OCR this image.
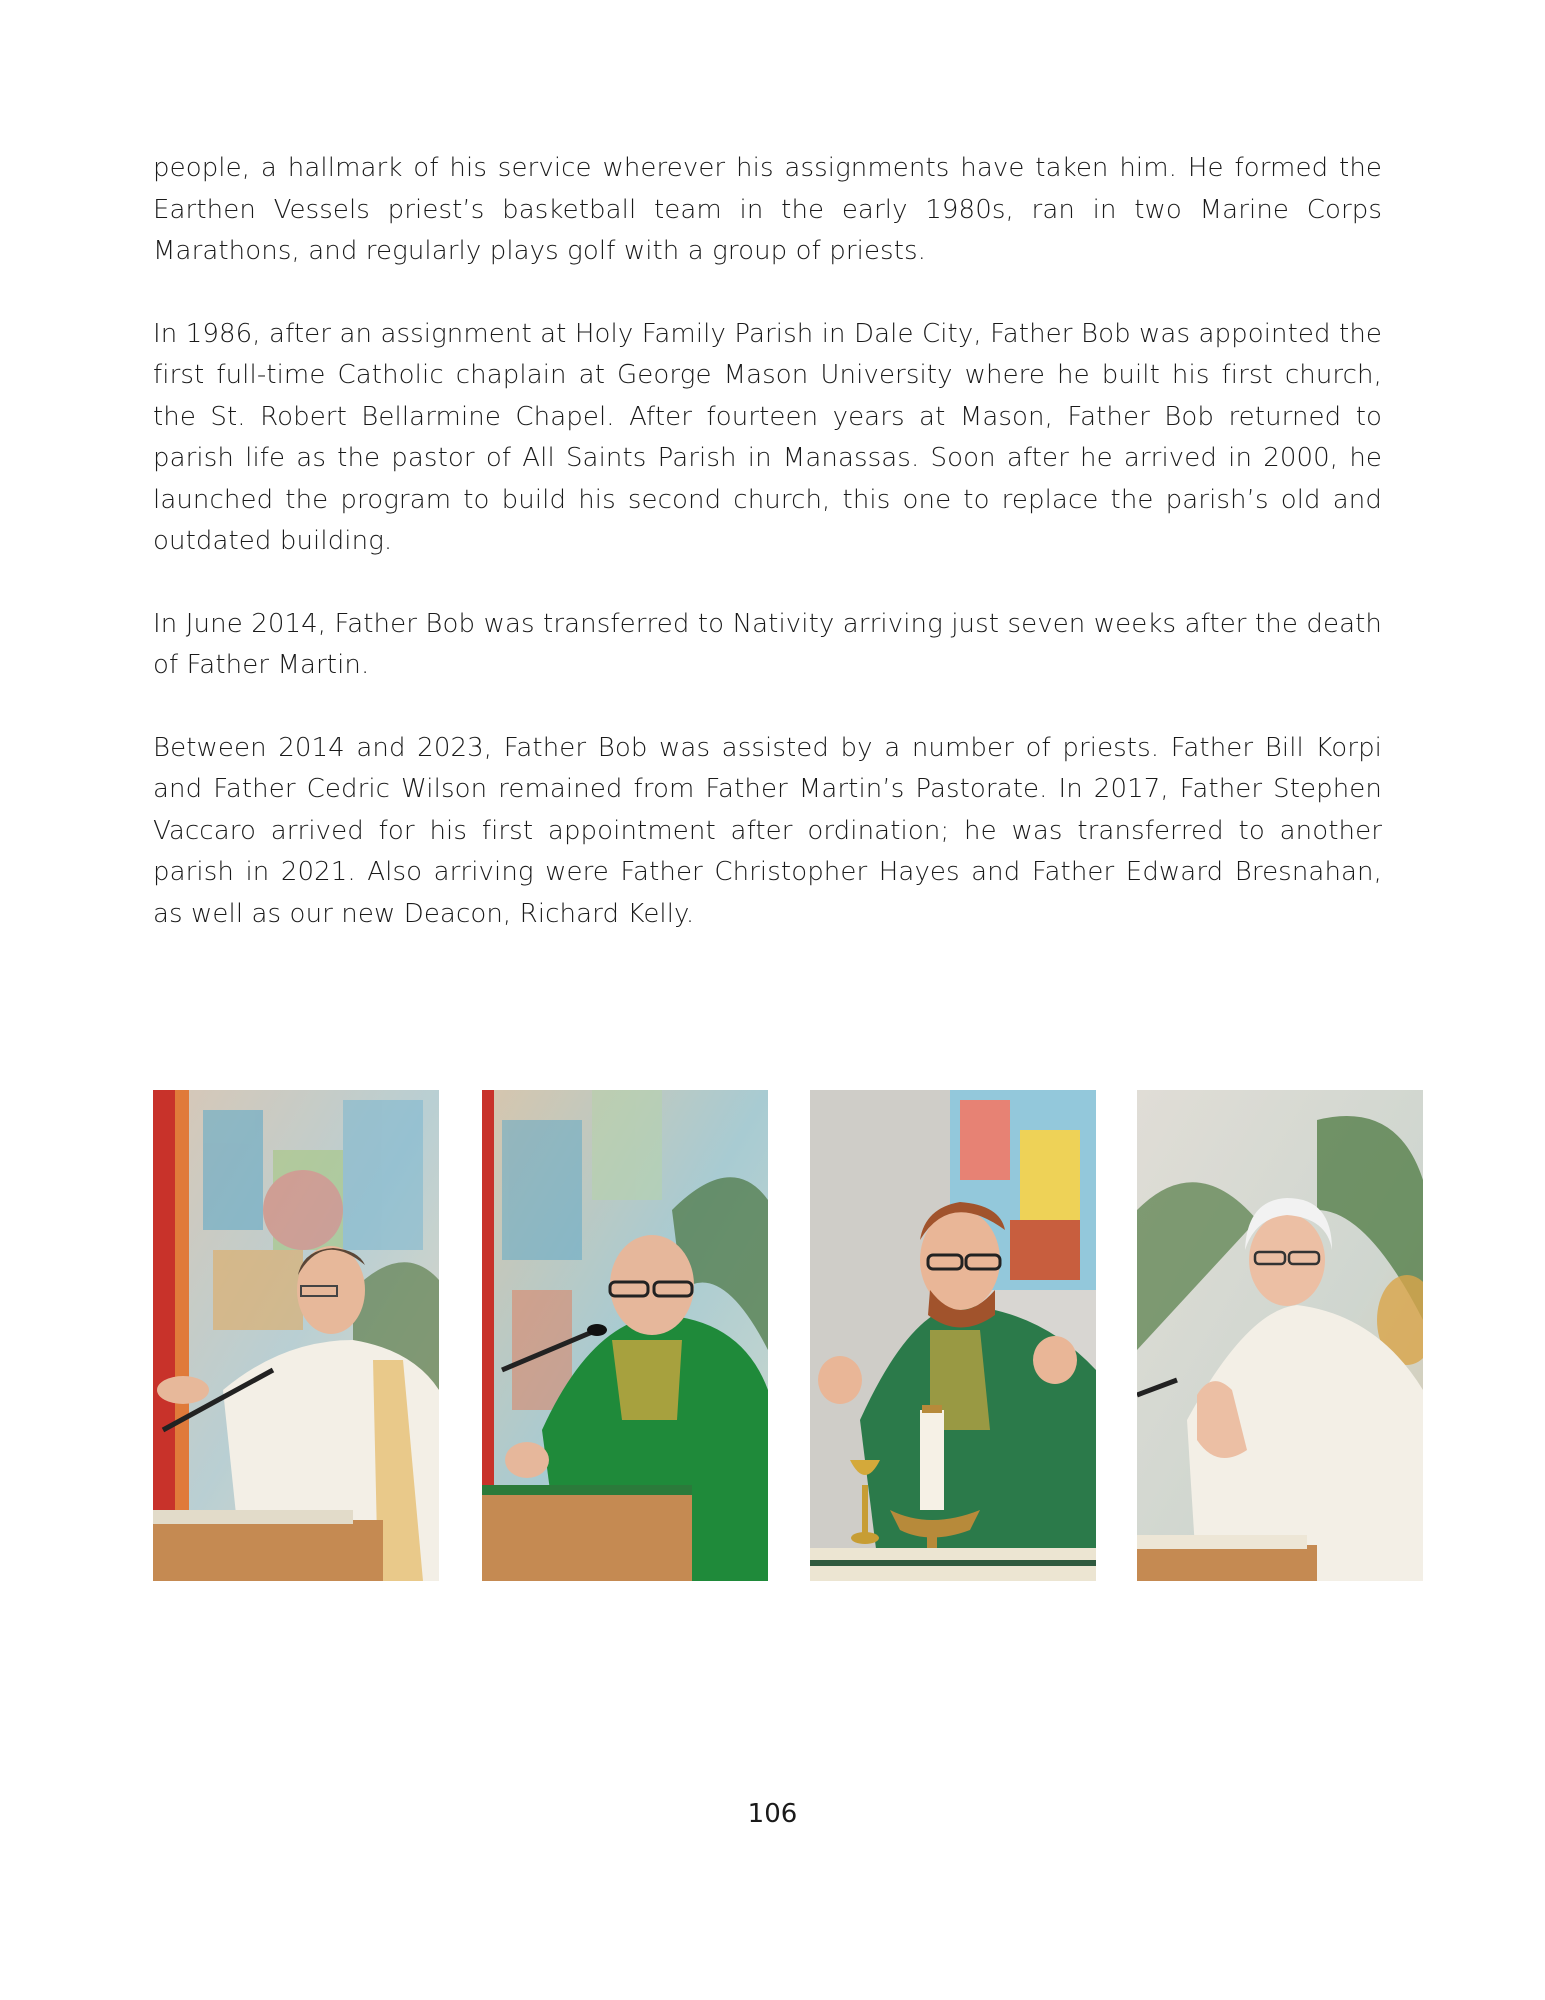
people, a hallmark of his service wherever his assignments have taken him. He formed the Earthen Vessels priest’s basketball team in the early 1980s, ran in two Marine Corps Marathons, and regularly plays golf with a group of priests.

In 1986, after an assignment at Holy Family Parish in Dale City, Father Bob was appointed the first full-time Catholic chaplain at George Mason University where he built his first church, the St. Robert Bellarmine Chapel. After fourteen years at Mason, Father Bob returned to parish life as the pastor of All Saints Parish in Manassas. Soon after he arrived in 2000, he launched the program to build his second church, this one to replace the parish’s old and outdated building.

In June 2014, Father Bob was transferred to Nativity arriving just seven weeks after the death of Father Martin.

Between 2014 and 2023, Father Bob was assisted by a number of priests. Father Bill Korpi and Father Cedric Wilson remained from Father Martin’s Pastorate. In 2017, Father Stephen Vaccaro arrived for his first appointment after ordination; he was transferred to another parish in 2021. Also arriving were Father Christopher Hayes and Father Edward Bresnahan, as well as our new Deacon, Richard Kelly.

106
